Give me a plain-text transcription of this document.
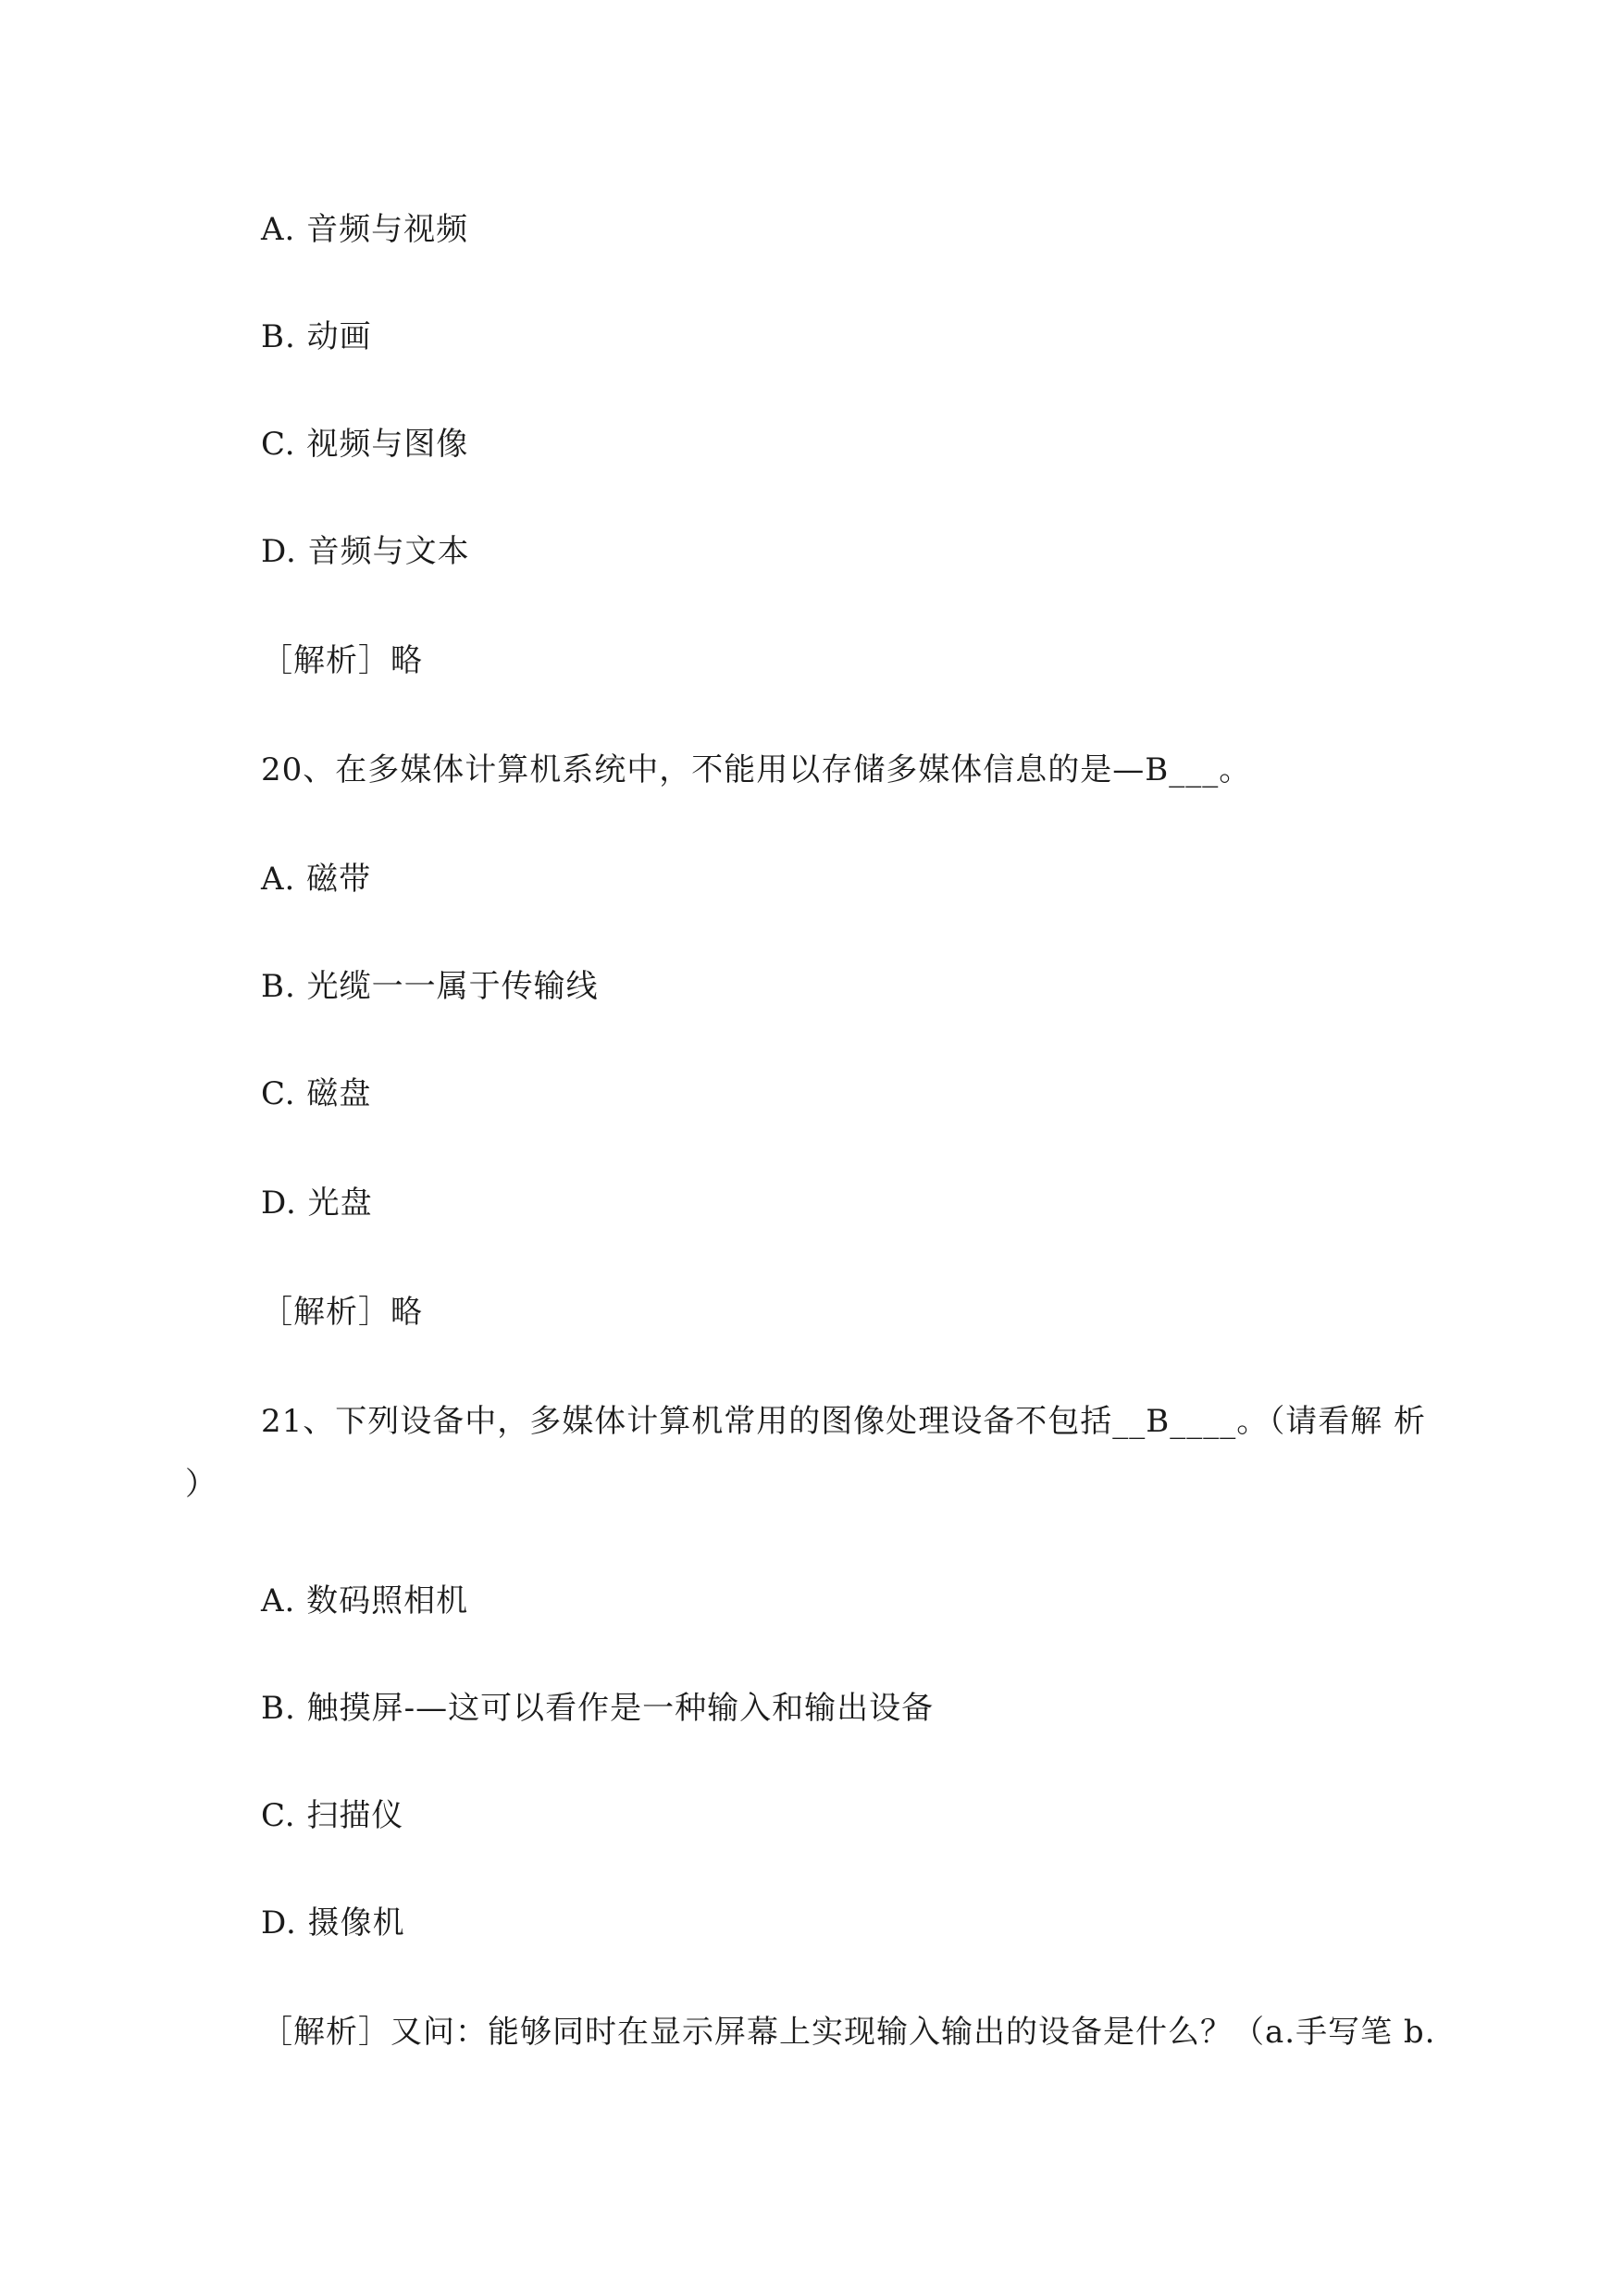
A. 音频与视频
B. 动画
C. 视频与图像
D. 音频与文本
［解析］略
20、在多媒体计算机系统中，不能用以存储多媒体信息的是—B___。
A. 磁带
B. 光缆一一属于传输线
C. 磁盘
D. 光盘
［解析］略
21、下列设备中，多媒体计算机常用的图像处理设备不包括__B____。（请看解 析
）
A. 数码照相机
B. 触摸屏-—这可以看作是一种输入和输出设备
C. 扫描仪
D. 摄像机
［解析］又问：能够同时在显示屏幕上实现输入输出的设备是什么？（a.手写笔 b.
